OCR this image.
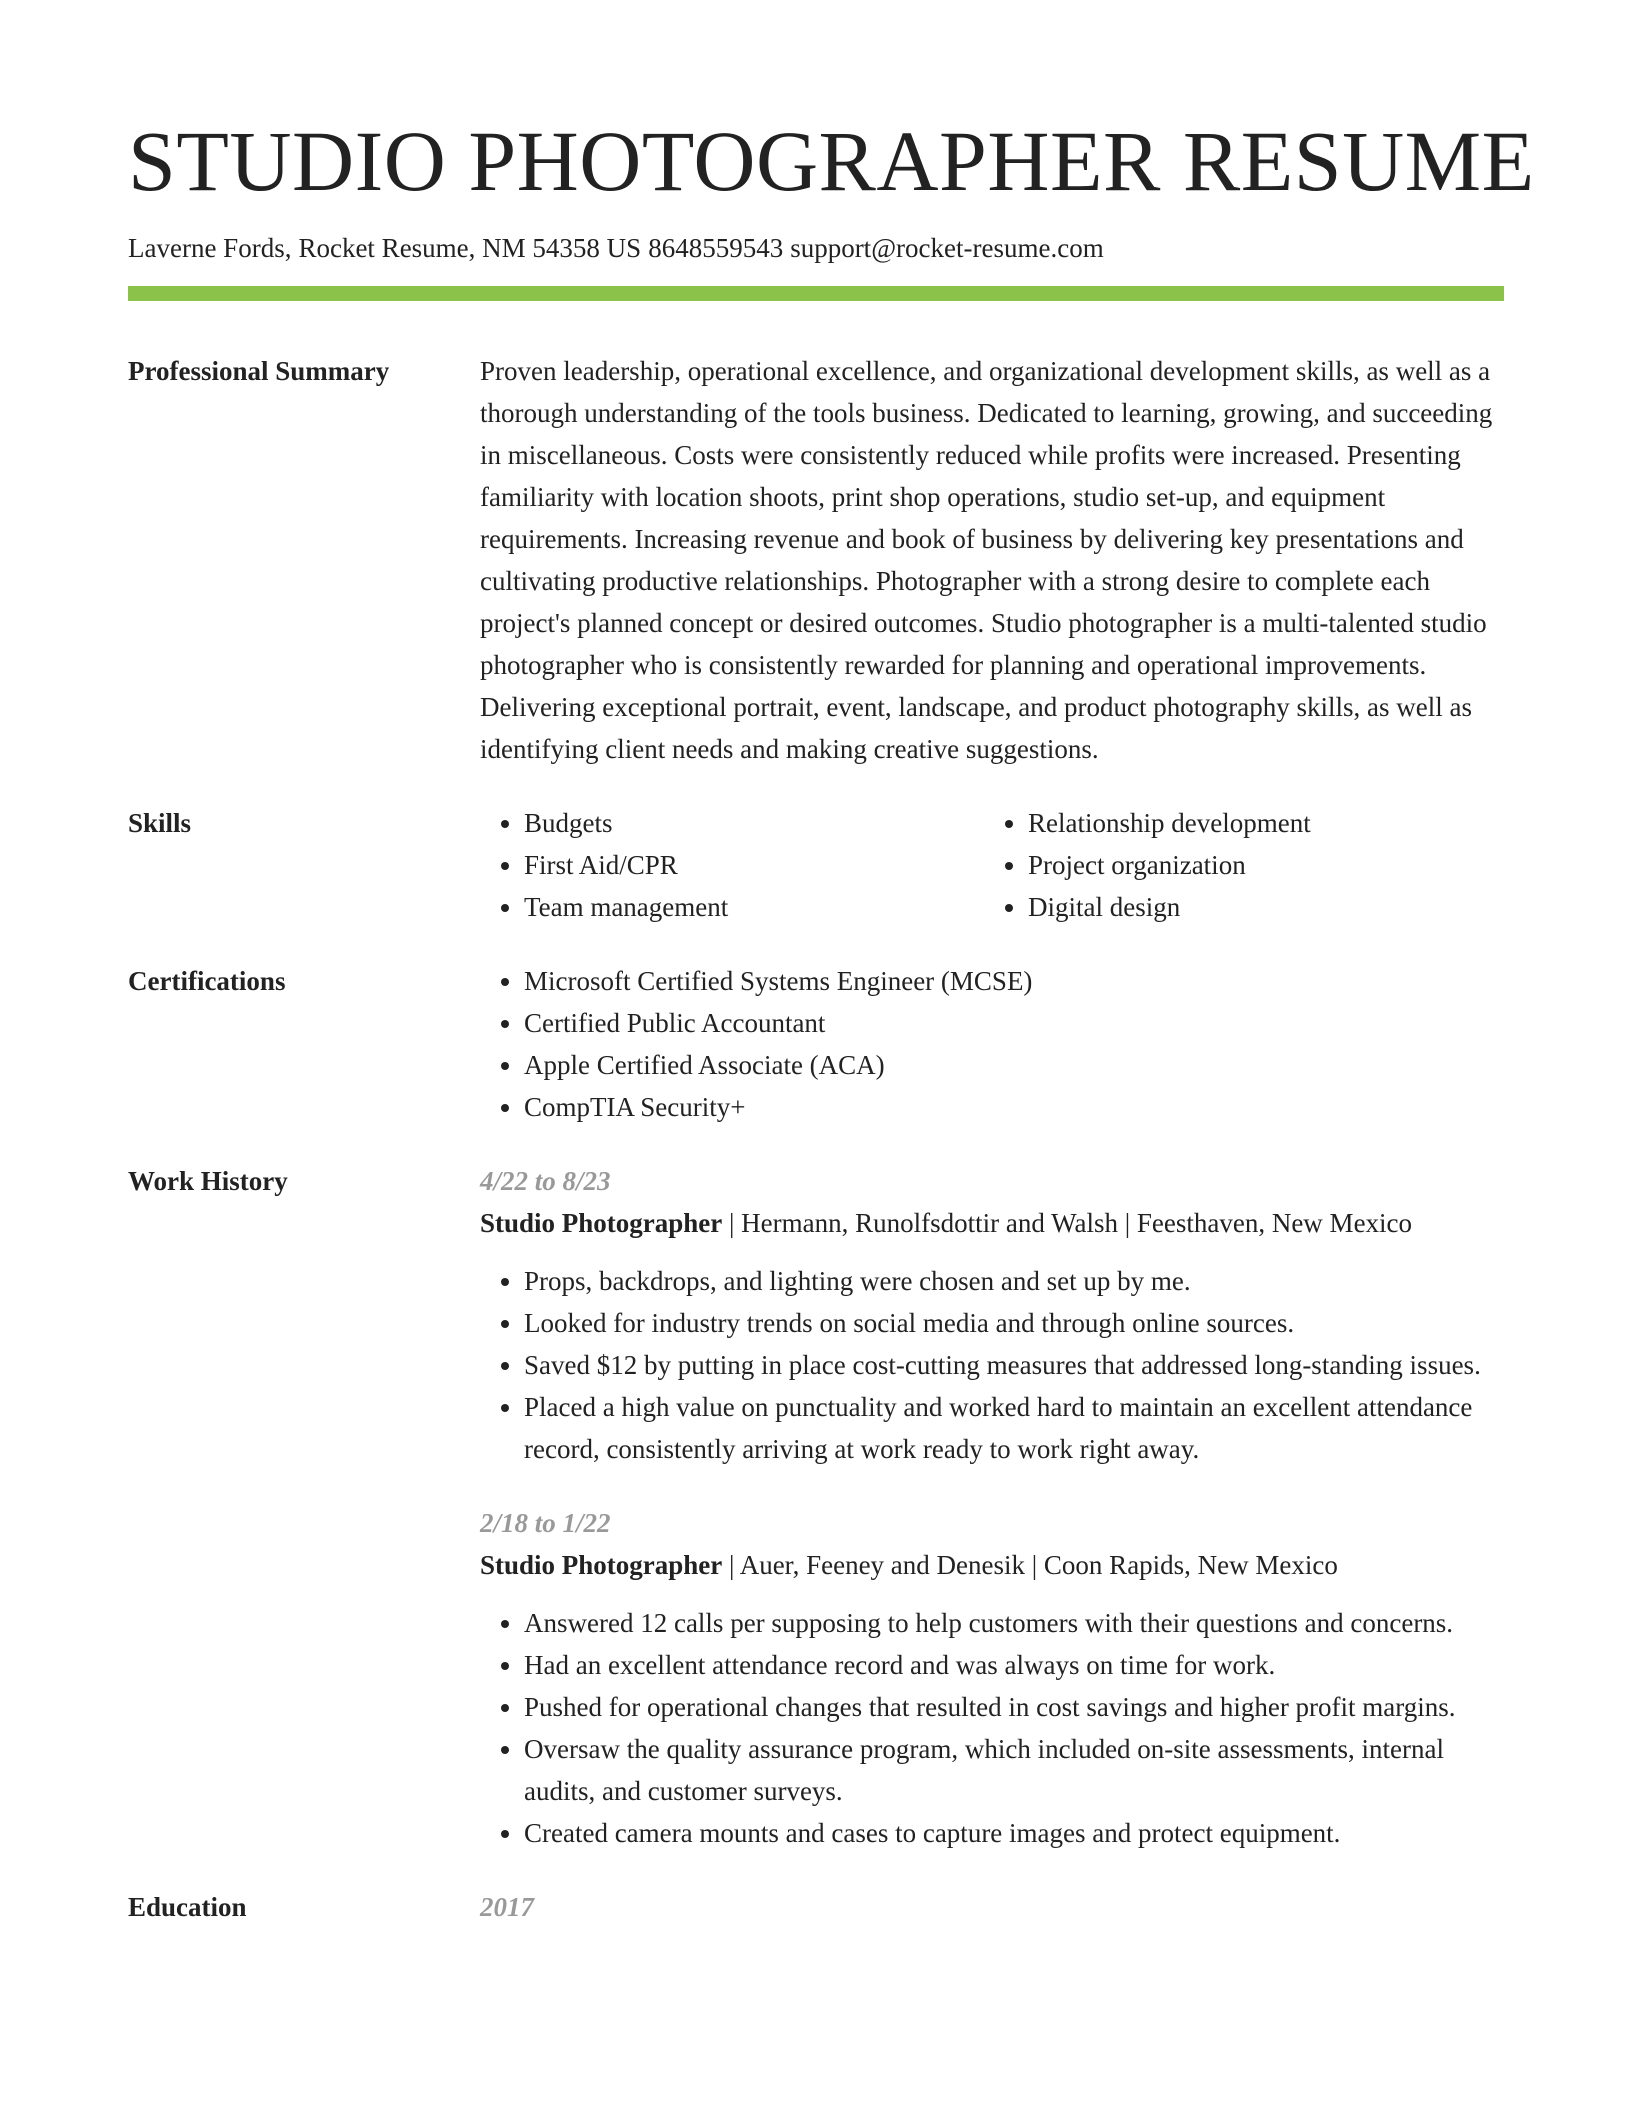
STUDIO PHOTOGRAPHER RESUME
Laverne Fords, Rocket Resume, NM 54358 US 8648559543 support@rocket-resume.com
Professional Summary	Proven leadership, operational excellence, and organizational development skills, as well as a thorough understanding of the tools business. Dedicated to learning, growing, and succeeding in miscellaneous. Costs were consistently reduced while profits were increased. Presenting familiarity with location shoots, print shop operations, studio set-up, and equipment requirements. Increasing revenue and book of business by delivering key presentations and cultivating productive relationships. Photographer with a strong desire to complete each project's planned concept or desired outcomes. Studio photographer is a multi-talented studio photographer who is consistently rewarded for planning and operational improvements. Delivering exceptional portrait, event, landscape, and product photography skills, as well as identifying client needs and making creative suggestions.

Skills	• Budgets
• First Aid/CPR
• Team management
• Relationship development
• Project organization
• Digital design
Certifications	• Microsoft Certified Systems Engineer (MCSE)
• Certified Public Accountant
• Apple Certified Associate (ACA)
• CompTIA Security+
Work History	4/22 to 8/23
Studio Photographer | Hermann, Runolfsdottir and Walsh | Feesthaven, New Mexico
• Props, backdrops, and lighting were chosen and set up by me.
• Looked for industry trends on social media and through online sources.
• Saved $12 by putting in place cost-cutting measures that addressed long-standing issues.
• Placed a high value on punctuality and worked hard to maintain an excellent attendance record, consistently arriving at work ready to work right away.
2/18 to 1/22
Studio Photographer | Auer, Feeney and Denesik | Coon Rapids, New Mexico
• Answered 12 calls per supposing to help customers with their questions and concerns.
• Had an excellent attendance record and was always on time for work.
• Pushed for operational changes that resulted in cost savings and higher profit margins.
• Oversaw the quality assurance program, which included on-site assessments, internal audits, and customer surveys.
• Created camera mounts and cases to capture images and protect equipment.
Education	2017
